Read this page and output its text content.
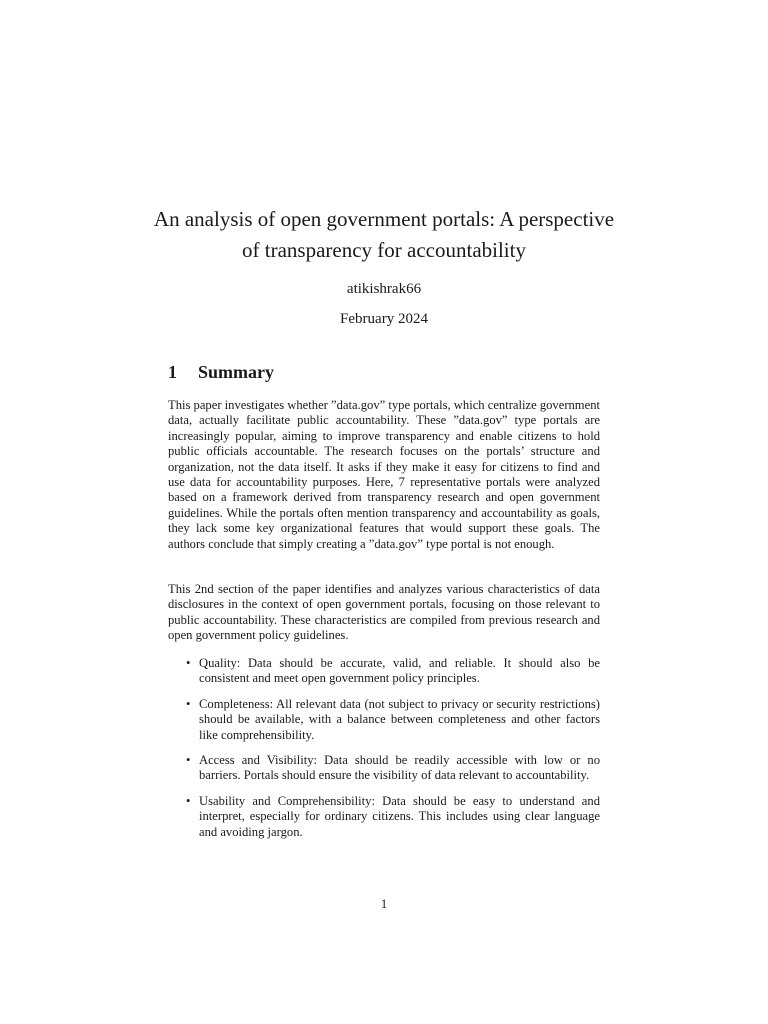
An analysis of open government portals: A perspective of transparency for accountability
atikishrak66
February 2024
1 Summary

This paper investigates whether ”data.gov” type portals, which centralize government data, actually facilitate public accountability. These ”data.gov” type portals are increasingly popular, aiming to improve transparency and enable citizens to hold public officials accountable. The research focuses on the portals’ structure and organization, not the data itself. It asks if they make it easy for citizens to find and use data for accountability purposes. Here, 7 representative portals were analyzed based on a framework derived from transparency research and open government guidelines. While the portals often mention transparency and accountability as goals, they lack some key organizational features that would support these goals. The authors conclude that simply creating a ”data.gov” type portal is not enough.

This 2nd section of the paper identifies and analyzes various characteristics of data disclosures in the context of open government portals, focusing on those relevant to public accountability. These characteristics are compiled from previous research and open government policy guidelines.

• Quality: Data should be accurate, valid, and reliable. It should also be consistent and meet open government policy principles.
• Completeness: All relevant data (not subject to privacy or security restrictions) should be available, with a balance between completeness and other factors like comprehensibility.
• Access and Visibility: Data should be readily accessible with low or no barriers. Portals should ensure the visibility of data relevant to accountability.
• Usability and Comprehensibility: Data should be easy to understand and interpret, especially for ordinary citizens. This includes using clear language and avoiding jargon.
1
